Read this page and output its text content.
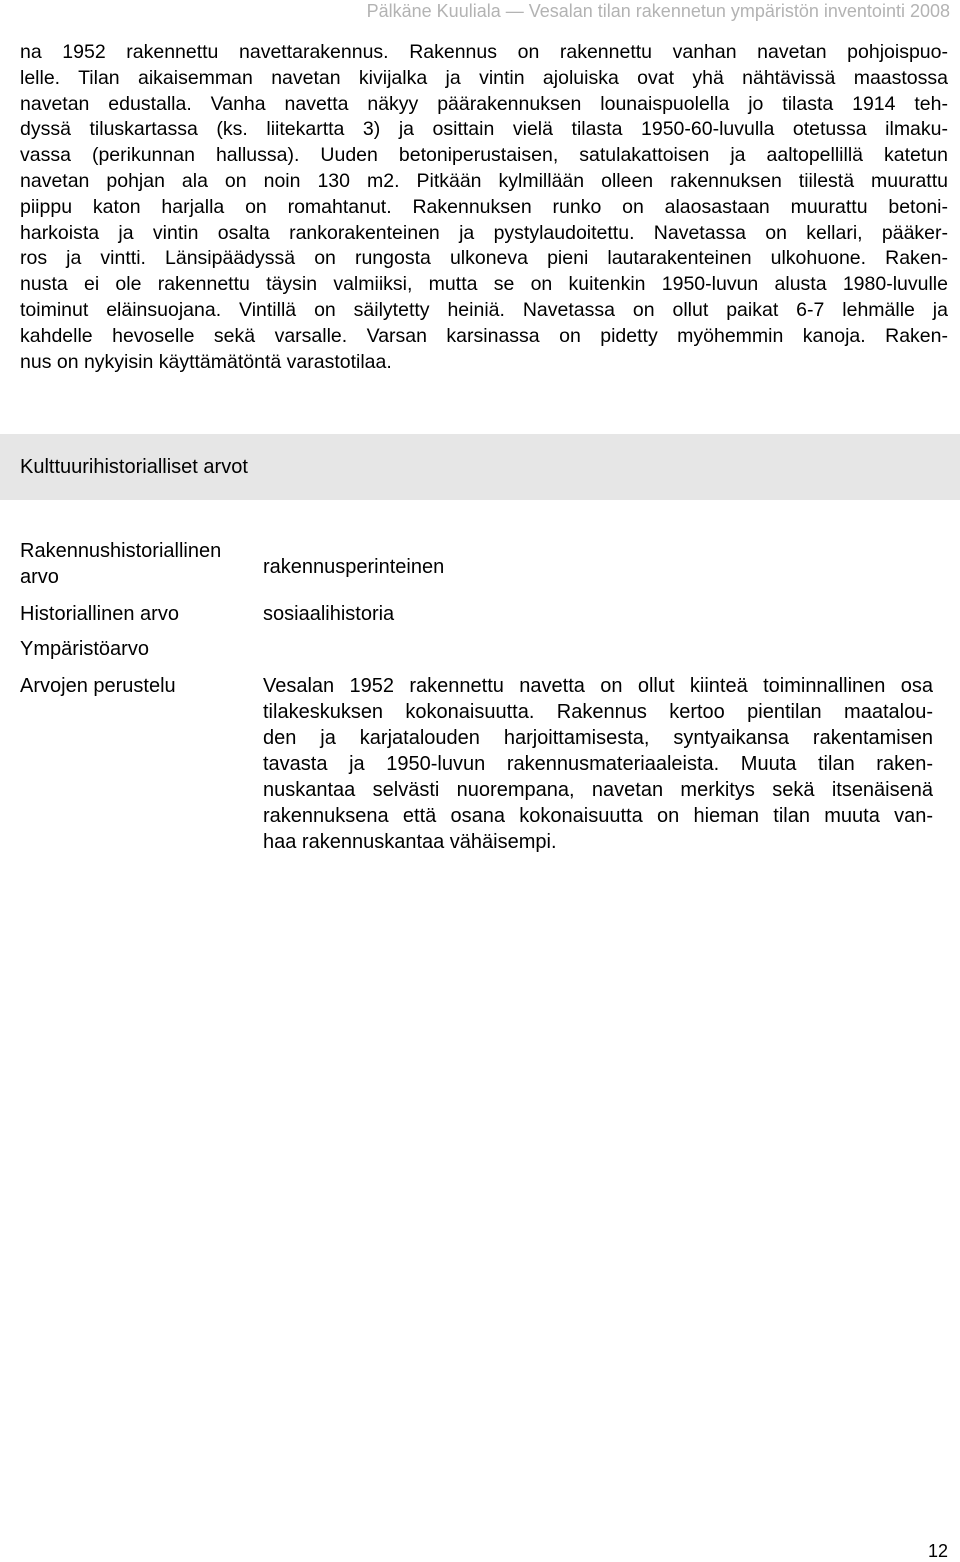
Pälkäne Kuuliala — Vesalan tilan rakennetun ympäristön inventointi 2008
na 1952 rakennettu navettarakennus. Rakennus on rakennettu vanhan navetan pohjoispuo-
lelle. Tilan aikaisemman navetan kivijalka ja vintin ajoluiska ovat yhä nähtävissä maastossa
navetan edustalla. Vanha navetta näkyy päärakennuksen lounaispuolella jo tilasta 1914 teh-
dyssä tiluskartassa (ks. liitekartta 3) ja osittain vielä tilasta 1950-60-luvulla otetussa ilmaku-
vassa (perikunnan hallussa). Uuden betoniperustaisen, satulakattoisen ja aaltopellillä katetun
navetan pohjan ala on noin 130 m2. Pitkään kylmillään olleen rakennuksen tiilestä muurattu
piippu katon harjalla on romahtanut. Rakennuksen runko on alaosastaan muurattu betoni-
harkoista ja vintin osalta rankorakenteinen ja pystylaudoitettu. Navetassa on kellari, pääker-
ros ja vintti. Länsipäädyssä on rungosta ulkoneva pieni lautarakenteinen ulkohuone. Raken-
nusta ei ole rakennettu täysin valmiiksi, mutta se on kuitenkin 1950-luvun alusta 1980-luvulle
toiminut eläinsuojana. Vintillä on säilytetty heiniä. Navetassa on ollut paikat 6-7 lehmälle ja
kahdelle hevoselle sekä varsalle. Varsan karsinassa on pidetty myöhemmin kanoja. Raken-
nus on nykyisin käyttämätöntä varastotilaa.
Kulttuurihistorialliset arvot
Rakennushistoriallinen
arvo	rakennusperinteinen
Historiallinen arvo	sosiaalihistoria
Ympäristöarvo
Arvojen perustelu	Vesalan 1952 rakennettu navetta on ollut kiinteä toiminnallinen osa
tilakeskuksen kokonaisuutta. Rakennus kertoo pientilan maatalou-
den ja karjatalouden harjoittamisesta, syntyaikansa rakentamisen
tavasta ja 1950-luvun rakennusmateriaaleista. Muuta tilan raken-
nuskantaa selvästi nuorempana, navetan merkitys sekä itsenäisenä
rakennuksena että osana kokonaisuutta on hieman tilan muuta van-
haa rakennuskantaa vähäisempi.
12
